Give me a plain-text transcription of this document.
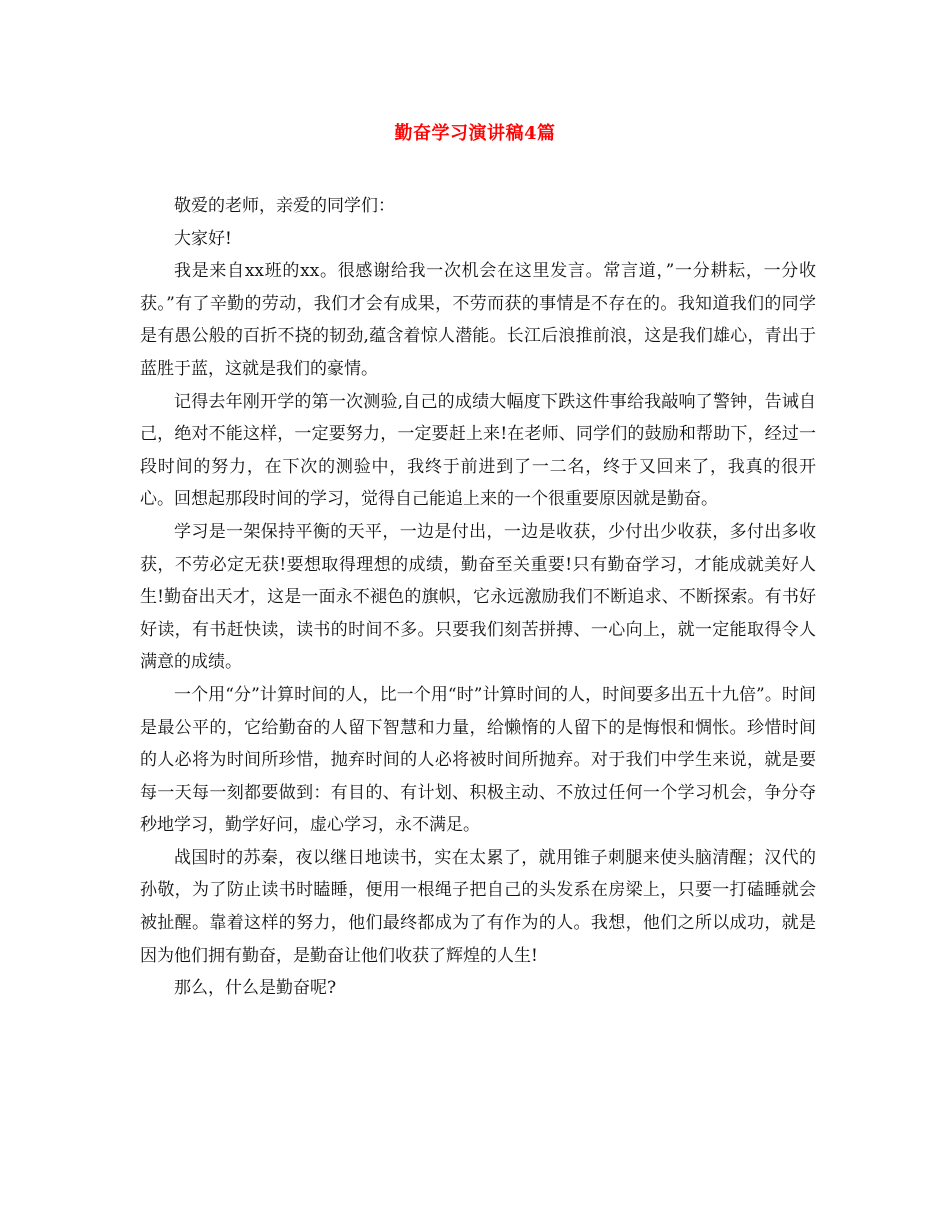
勤奋学习演讲稿4篇

敬爱的老师，亲爱的同学们：

大家好!

我是来自xx班的xx。很感谢给我一次机会在这里发言。常言道，”一分耕耘，一分收获。”有了辛勤的劳动，我们才会有成果，不劳而获的事情是不存在的。我知道我们的同学是有愚公般的百折不挠的韧劲,蕴含着惊人潜能。长江后浪推前浪，这是我们雄心，青出于蓝胜于蓝，这就是我们的豪情。

记得去年刚开学的第一次测验,自己的成绩大幅度下跌这件事给我敲响了警钟，告诫自己，绝对不能这样，一定要努力，一定要赶上来!在老师、同学们的鼓励和帮助下，经过一段时间的努力，在下次的测验中，我终于前进到了一二名，终于又回来了，我真的很开心。回想起那段时间的学习，觉得自己能追上来的一个很重要原因就是勤奋。

学习是一架保持平衡的天平，一边是付出，一边是收获，少付出少收获，多付出多收获，不劳必定无获!要想取得理想的成绩，勤奋至关重要!只有勤奋学习，才能成就美好人生!勤奋出天才，这是一面永不褪色的旗帜，它永远激励我们不断追求、不断探索。有书好好读，有书赶快读，读书的时间不多。只要我们刻苦拼搏、一心向上，就一定能取得令人满意的成绩。

一个用“分”计算时间的人，比一个用“时”计算时间的人，时间要多出五十九倍”。时间是最公平的，它给勤奋的人留下智慧和力量，给懒惰的人留下的是悔恨和惆怅。珍惜时间的人必将为时间所珍惜，抛弃时间的人必将被时间所抛弃。对于我们中学生来说，就是要每一天每一刻都要做到：有目的、有计划、积极主动、不放过任何一个学习机会，争分夺秒地学习，勤学好问，虚心学习，永不满足。

战国时的苏秦，夜以继日地读书，实在太累了，就用锥子刺腿来使头脑清醒；汉代的孙敬，为了防止读书时瞌睡，便用一根绳子把自己的头发系在房梁上，只要一打磕睡就会被扯醒。靠着这样的努力，他们最终都成为了有作为的人。我想，他们之所以成功，就是因为他们拥有勤奋，是勤奋让他们收获了辉煌的人生!

那么，什么是勤奋呢?
